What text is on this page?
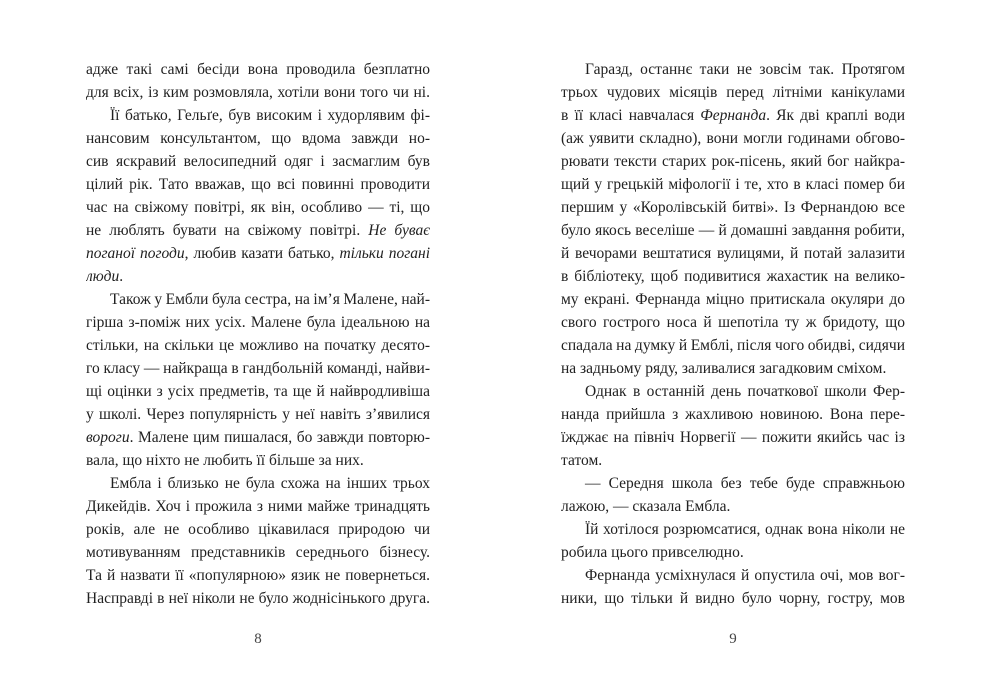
адже такі самі бесіди вона проводила безплатно
для всіх, із ким розмовляла, хотіли вони того чи ні.
Її батько, Гельґе, був високим і худорлявим фі-
нансовим консультантом, що вдома завжди но-
сив яскравий велосипедний одяг і засмаглим був
цілий рік. Тато вважав, що всі повинні проводити
час на свіжому повітрі, як він, особливо — ті, що
не люблять бувати на свіжому повітрі. Не буває
поганої погоди, любив казати батько, тільки погані
люди.
Також у Ембли була сестра, на ім’я Малене, най-
гірша з-поміж них усіх. Малене була ідеальною на
стільки, на скільки це можливо на початку десято-
го класу — найкраща в гандбольній команді, найви-
щі оцінки з усіх предметів, та ще й найвродливіша
у школі. Через популярність у неї навіть з’явилися
вороги. Малене цим пишалася, бо завжди повторю-
вала, що ніхто не любить її більше за них.
Ембла і близько не була схожа на інших трьох
Дикейдів. Хоч і прожила з ними майже тринадцять
років, але не особливо цікавилася природою чи
мотивуванням представників середнього бізнесу.
Та й назвати її «популярною» язик не повернеться.
Насправді в неї ніколи не було жоднісінького друга.
8
Гаразд, останнє таки не зовсім так. Протягом
трьох чудових місяців перед літніми канікулами
в її класі навчалася Фернанда. Як дві краплі води
(аж уявити складно), вони могли годинами обгово-
рювати тексти старих рок-пісень, який бог найкра-
щий у грецькій міфології і те, хто в класі помер би
першим у «Королівській битві». Із Фернандою все
було якось веселіше — й домашні завдання робити,
й вечорами вештатися вулицями, й потай залазити
в бібліотеку, щоб подивитися жахастик на велико-
му екрані. Фернанда міцно притискала окуляри до
свого гострого носа й шепотіла ту ж бридоту, що
спадала на думку й Емблі, після чого обидві, сидячи
на задньому ряду, заливалися загадковим сміхом.
Однак в останній день початкової школи Фер-
нанда прийшла з жахливою новиною. Вона пере-
їжджає на північ Норвегії — пожити якийсь час із
татом.
— Середня школа без тебе буде справжньою
лажою, — сказала Ембла.
Їй хотілося розрюмсатися, однак вона ніколи не
робила цього привселюдно.
Фернанда усміхнулася й опустила очі, мов вог-
ники, що тільки й видно було чорну, гостру, мов
9
